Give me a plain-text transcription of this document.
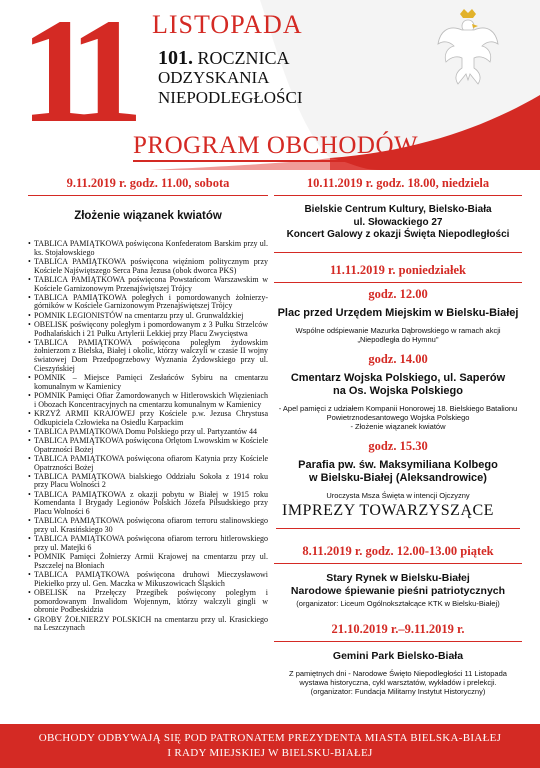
11 LISTOPADA
101. ROCZNICA
ODZYSKANIA
NIEPODLEGŁOŚCI
PROGRAM OBCHODÓW
9.11.2019 r. godz. 11.00, sobota
Złożenie wiązanek kwiatów
• TABLICA PAMIĄTKOWA poświęcona Konfederatom Barskim przy ul. ks. Stojałowskiego
• TABLICA PAMIĄTKOWA poświęcona więźniom politycznym przy Kościele Najświętszego Serca Pana Jezusa (obok dworca PKS)
• TABLICA PAMIĄTKOWA poświęcona Powstańcom Warszawskim w Kościele Garnizonowym Przenajświętszej Trójcy
• TABLICA PAMIĄTKOWA poległych i pomordowanych żołnierzy-górników w Kościele Garnizonowym Przenajświętszej Trójcy
• POMNIK LEGIONISTÓW na cmentarzu przy ul. Grunwaldzkiej
• OBELISK poświęcony poległym i pomordowanym z 3 Pułku Strzelców Podhalańskich i 21 Pułku Artylerii Lekkiej przy Placu Zwycięstwa
• TABLICA PAMIĄTKOWA poświęcona poległym żydowskim żołnierzom z Bielska, Białej i okolic, którzy walczyli w czasie II wojny światowej Dom Przedpogrzebowy Wyznania Żydowskiego przy ul. Cieszyńskiej
• POMNIK – Miejsce Pamięci Zesłańców Sybiru na cmentarzu komunalnym w Kamienicy
• POMNIK Pamięci Ofiar Zamordowanych w Hitlerowskich Więzieniach i Obozach Koncentracyjnych na cmentarzu komunalnym w Kamienicy
• KRZYŻ ARMII KRAJOWEJ przy Kościele p.w. Jezusa Chrystusa Odkupiciela Człowieka na Osiedlu Karpackim
• TABLICA PAMIĄTKOWA Domu Polskiego przy ul. Partyzantów 44
• TABLICA PAMIĄTKOWA poświęcona Orlętom Lwowskim w Kościele Opatrzności Bożej
• TABLICA PAMIĄTKOWA poświęcona ofiarom Katynia przy Kościele Opatrzności Bożej
• TABLICA PAMIĄTKOWA bialskiego Oddziału Sokoła z 1914 roku przy Placu Wolności 2
• TABLICA PAMIĄTKOWA z okazji pobytu w Białej w 1915 roku Komendanta I Brygady Legionów Polskich Józefa Piłsudskiego przy Placu Wolności 6
• TABLICA PAMIĄTKOWA poświęcona ofiarom terroru stalinowskiego przy ul. Krasińskiego 30
• TABLICA PAMIĄTKOWA poświęcona ofiarom terroru hitlerowskiego przy ul. Matejki 6
• POMNIK Pamięci Żołnierzy Armii Krajowej na cmentarzu przy ul. Pszczelej na Błoniach
• TABLICA PAMIĄTKOWA poświęcona druhowi Mieczysławowi Piekiełko przy ul. Gen. Maczka w Mikuszowicach Śląskich
• OBELISK na Przełęczy Przegibek poświęcony poległym i pomordowanym Inwalidom Wojennym, którzy walczyli gingli w obronie Podbeskidzia
• GROBY ŻOŁNIERZY POLSKICH na cmentarzu przy ul. Krasickiego na Leszczynach
10.11.2019 r. godz. 18.00, niedziela
Bielskie Centrum Kultury, Bielsko-Biała
ul. Słowackiego 27
Koncert Galowy z okazji Święta Niepodległości
11.11.2019 r. poniedziałek
godz. 12.00
Plac przed Urzędem Miejskim w Bielsku-Białej
Wspólne odśpiewanie Mazurka Dąbrowskiego w ramach akcji
„Niepodległa do Hymnu"
godz. 14.00
Cmentarz Wojska Polskiego, ul. Saperów
na Os. Wojska Polskiego
- Apel pamięci z udziałem Kompanii Honorowej 18. Bielskiego Batalionu
Powietrznodesantowego Wojska Polskiego
- Złożenie wiązanek kwiatów
godz. 15.30
Parafia pw. św. Maksymiliana Kolbego
w Bielsku-Białej (Aleksandrowice)
Uroczysta Msza Święta w intencji Ojczyzny
IMPREZY TOWARZYSZĄCE
8.11.2019 r. godz. 12.00-13.00 piątek
Stary Rynek w Bielsku-Białej
Narodowe śpiewanie pieśni patriotycznych
(organizator: Liceum Ogólnokształcące KTK w Bielsku-Białej)
21.10.2019 r.–9.11.2019 r.
Gemini Park Bielsko-Biała
Z pamiętnych dni - Narodowe Święto Niepodległości 11 Listopada
wystawa historyczna, cykl warsztatów, wykładów i prelekcji.
(organizator: Fundacja Militarny Instytut Historyczny)
OBCHODY ODBYWAJĄ SIĘ POD PATRONATEM PREZYDENTA MIASTA BIELSKA-BIAŁEJ
I RADY MIEJSKIEJ W BIELSKU-BIAŁEJ
